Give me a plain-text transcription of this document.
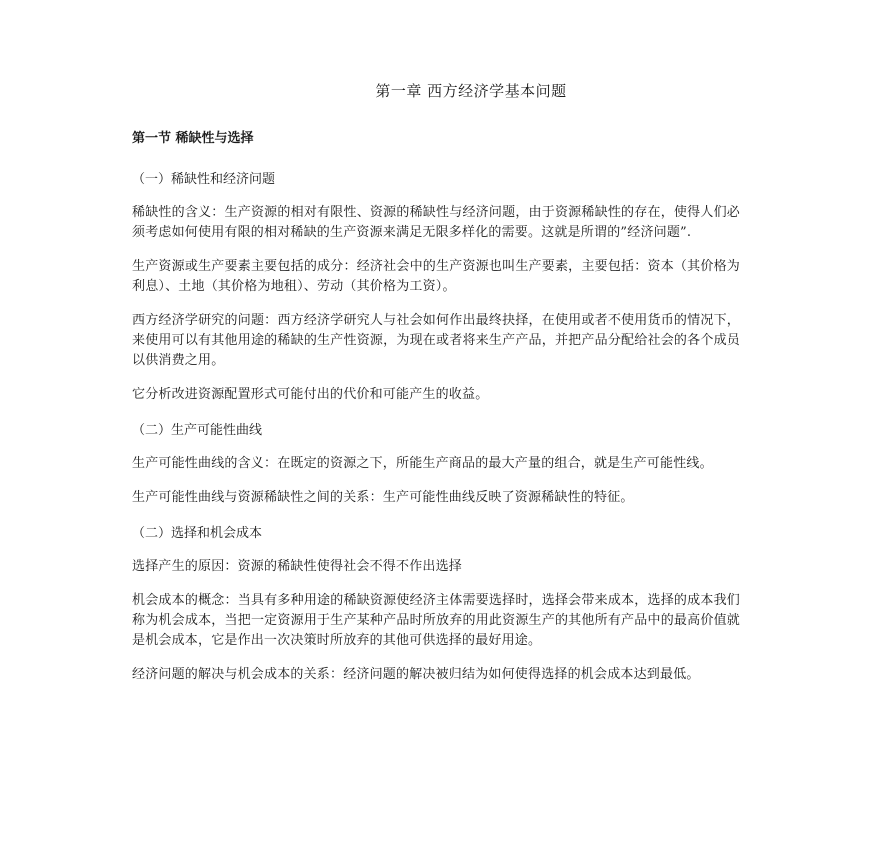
第一章 西方经济学基本问题
第一节 稀缺性与选择
（一）稀缺性和经济问题

稀缺性的含义：生产资源的相对有限性、资源的稀缺性与经济问题，由于资源稀缺性的存在，使得人们必须考虑如何使用有限的相对稀缺的生产资源来满足无限多样化的需要。这就是所谓的”经济问题”.

生产资源或生产要素主要包括的成分：经济社会中的生产资源也叫生产要素，主要包括：资本（其价格为利息）、土地（其价格为地租）、劳动（其价格为工资）。

西方经济学研究的问题：西方经济学研究人与社会如何作出最终抉择，在使用或者不使用货币的情况下，来使用可以有其他用途的稀缺的生产性资源，为现在或者将来生产产品，并把产品分配给社会的各个成员以供消费之用。

它分析改进资源配置形式可能付出的代价和可能产生的收益。

（二）生产可能性曲线

生产可能性曲线的含义：在既定的资源之下，所能生产商品的最大产量的组合，就是生产可能性线。

生产可能性曲线与资源稀缺性之间的关系：生产可能性曲线反映了资源稀缺性的特征。

（二）选择和机会成本

选择产生的原因：资源的稀缺性使得社会不得不作出选择

机会成本的概念：当具有多种用途的稀缺资源使经济主体需要选择时，选择会带来成本，选择的成本我们称为机会成本，当把一定资源用于生产某种产品时所放弃的用此资源生产的其他所有产品中的最高价值就是机会成本，它是作出一次决策时所放弃的其他可供选择的最好用途。

经济问题的解决与机会成本的关系：经济问题的解决被归结为如何使得选择的机会成本达到最低。
